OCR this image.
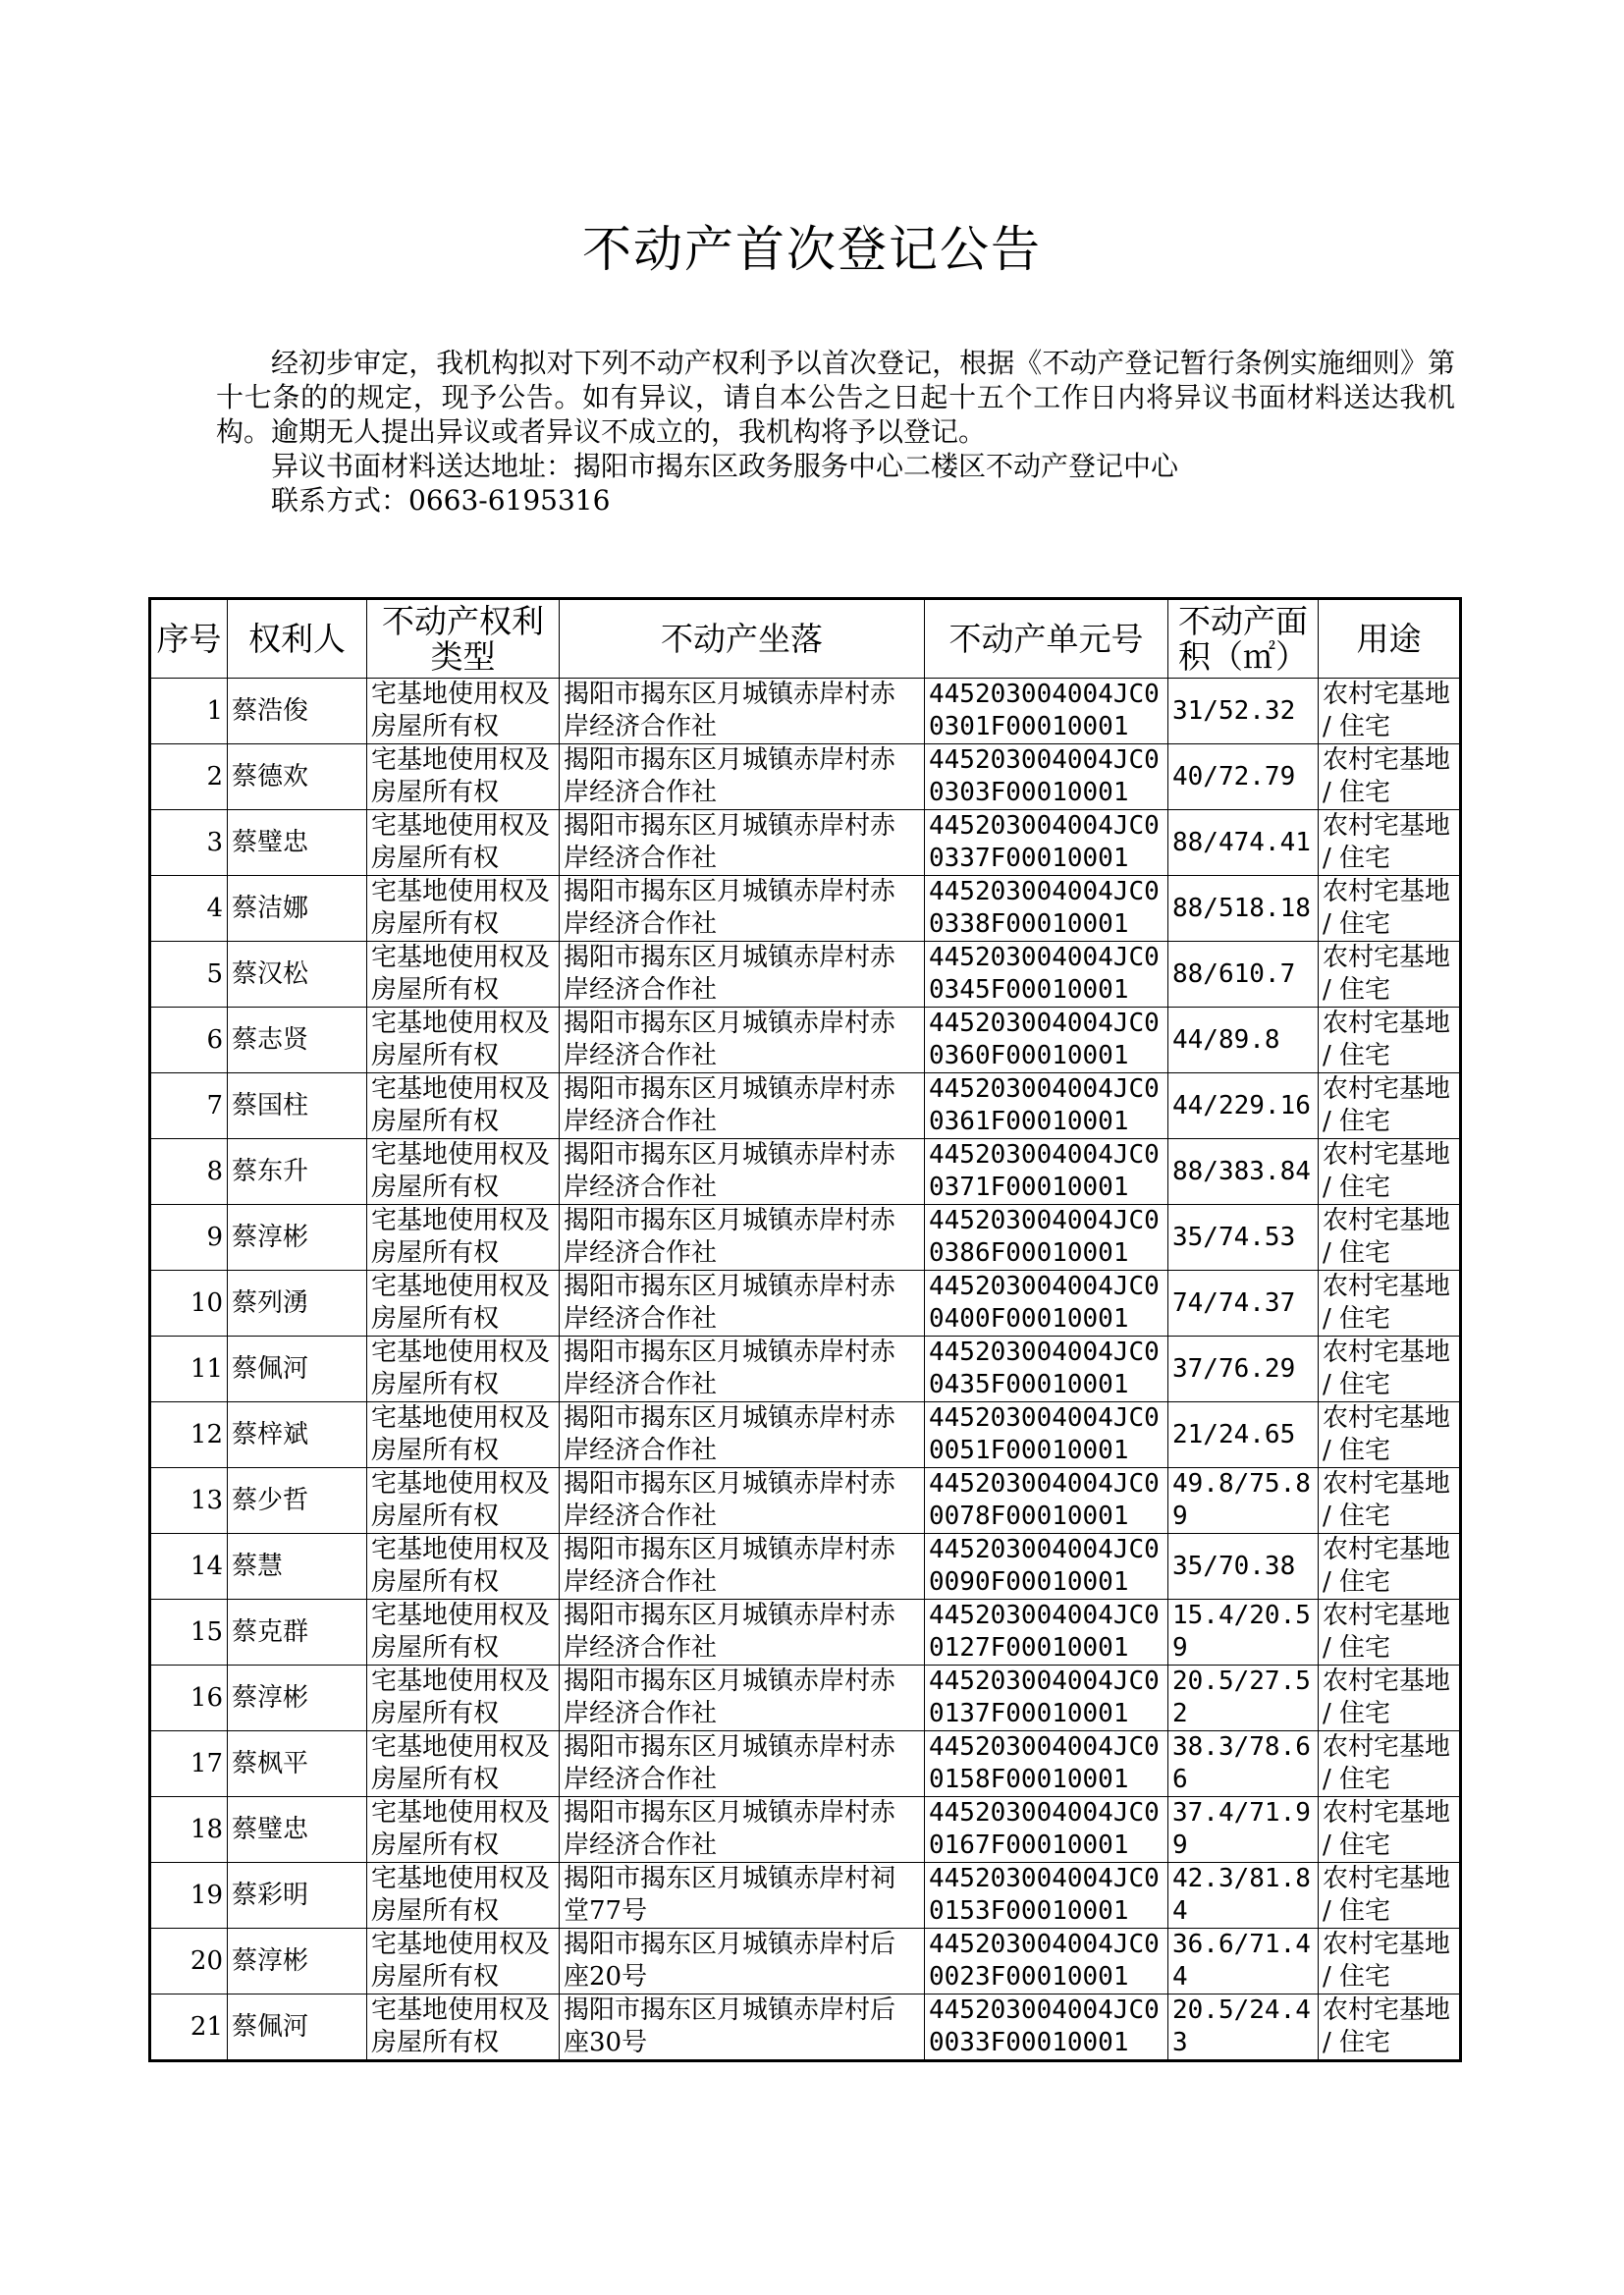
不动产首次登记公告

经初步审定，我机构拟对下列不动产权利予以首次登记，根据《不动产登记暂行条例实施细则》第十七条的的规定，现予公告。如有异议，请自本公告之日起十五个工作日内将异议书面材料送达我机构。逾期无人提出异议或者异议不成立的，我机构将予以登记。

异议书面材料送达地址：揭阳市揭东区政务服务中心二楼区不动产登记中心

联系方式：0663-6195316

序号	权利人	不动产权利类型	不动产坐落	不动产单元号	不动产面积（㎡）	用途
1	蔡浩俊	宅基地使用权及房屋所有权	揭阳市揭东区月城镇赤岸村赤岸经济合作社	445203004004JC00301F00010001	31/52.32	农村宅基地 / 住宅
2	蔡德欢	宅基地使用权及房屋所有权	揭阳市揭东区月城镇赤岸村赤岸经济合作社	445203004004JC00303F00010001	40/72.79	农村宅基地 / 住宅
3	蔡璧忠	宅基地使用权及房屋所有权	揭阳市揭东区月城镇赤岸村赤岸经济合作社	445203004004JC00337F00010001	88/474.41	农村宅基地 / 住宅
4	蔡洁娜	宅基地使用权及房屋所有权	揭阳市揭东区月城镇赤岸村赤岸经济合作社	445203004004JC00338F00010001	88/518.18	农村宅基地 / 住宅
5	蔡汉松	宅基地使用权及房屋所有权	揭阳市揭东区月城镇赤岸村赤岸经济合作社	445203004004JC00345F00010001	88/610.7	农村宅基地 / 住宅
6	蔡志贤	宅基地使用权及房屋所有权	揭阳市揭东区月城镇赤岸村赤岸经济合作社	445203004004JC00360F00010001	44/89.8	农村宅基地 / 住宅
7	蔡国柱	宅基地使用权及房屋所有权	揭阳市揭东区月城镇赤岸村赤岸经济合作社	445203004004JC00361F00010001	44/229.16	农村宅基地 / 住宅
8	蔡东升	宅基地使用权及房屋所有权	揭阳市揭东区月城镇赤岸村赤岸经济合作社	445203004004JC00371F00010001	88/383.84	农村宅基地 / 住宅
9	蔡淳彬	宅基地使用权及房屋所有权	揭阳市揭东区月城镇赤岸村赤岸经济合作社	445203004004JC00386F00010001	35/74.53	农村宅基地 / 住宅
10	蔡列湧	宅基地使用权及房屋所有权	揭阳市揭东区月城镇赤岸村赤岸经济合作社	445203004004JC00400F00010001	74/74.37	农村宅基地 / 住宅
11	蔡佩河	宅基地使用权及房屋所有权	揭阳市揭东区月城镇赤岸村赤岸经济合作社	445203004004JC00435F00010001	37/76.29	农村宅基地 / 住宅
12	蔡梓斌	宅基地使用权及房屋所有权	揭阳市揭东区月城镇赤岸村赤岸经济合作社	445203004004JC00051F00010001	21/24.65	农村宅基地 / 住宅
13	蔡少哲	宅基地使用权及房屋所有权	揭阳市揭东区月城镇赤岸村赤岸经济合作社	445203004004JC00078F00010001	49.8/75.89	农村宅基地 / 住宅
14	蔡慧	宅基地使用权及房屋所有权	揭阳市揭东区月城镇赤岸村赤岸经济合作社	445203004004JC00090F00010001	35/70.38	农村宅基地 / 住宅
15	蔡克群	宅基地使用权及房屋所有权	揭阳市揭东区月城镇赤岸村赤岸经济合作社	445203004004JC00127F00010001	15.4/20.59	农村宅基地 / 住宅
16	蔡淳彬	宅基地使用权及房屋所有权	揭阳市揭东区月城镇赤岸村赤岸经济合作社	445203004004JC00137F00010001	20.5/27.52	农村宅基地 / 住宅
17	蔡枫平	宅基地使用权及房屋所有权	揭阳市揭东区月城镇赤岸村赤岸经济合作社	445203004004JC00158F00010001	38.3/78.66	农村宅基地 / 住宅
18	蔡璧忠	宅基地使用权及房屋所有权	揭阳市揭东区月城镇赤岸村赤岸经济合作社	445203004004JC00167F00010001	37.4/71.99	农村宅基地 / 住宅
19	蔡彩明	宅基地使用权及房屋所有权	揭阳市揭东区月城镇赤岸村祠堂77号	445203004004JC00153F00010001	42.3/81.84	农村宅基地 / 住宅
20	蔡淳彬	宅基地使用权及房屋所有权	揭阳市揭东区月城镇赤岸村后座20号	445203004004JC00023F00010001	36.6/71.44	农村宅基地 / 住宅
21	蔡佩河	宅基地使用权及房屋所有权	揭阳市揭东区月城镇赤岸村后座30号	445203004004JC00033F00010001	20.5/24.43	农村宅基地 / 住宅
